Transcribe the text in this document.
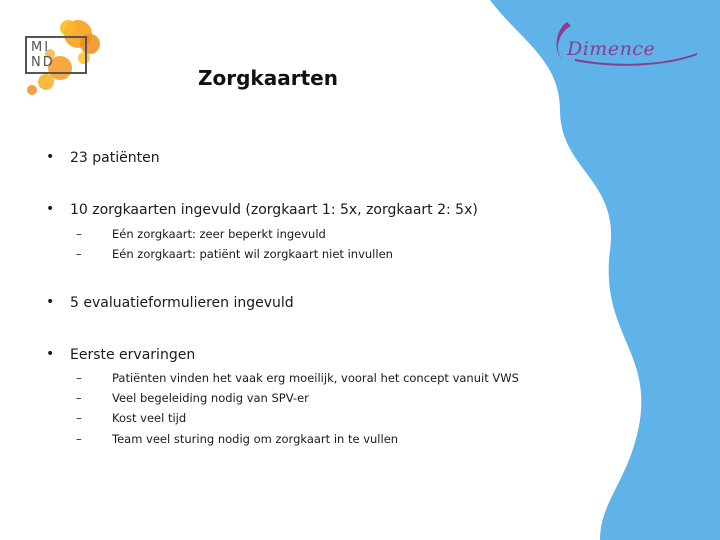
MI
ND
Dimence
Zorgkaarten
• 23 patiënten
• 10 zorgkaarten ingevuld (zorgkaart 1: 5x, zorgkaart 2: 5x)
–	Eén zorgkaart: zeer beperkt ingevuld
–	Eén zorgkaart: patiënt wil zorgkaart niet invullen
• 5 evaluatieformulieren ingevuld
• Eerste ervaringen
–	Patiënten vinden het vaak erg moeilijk, vooral het concept vanuit VWS
–	Veel begeleiding nodig van SPV-er
–	Kost veel tijd
–	Team veel sturing nodig om zorgkaart in te vullen
